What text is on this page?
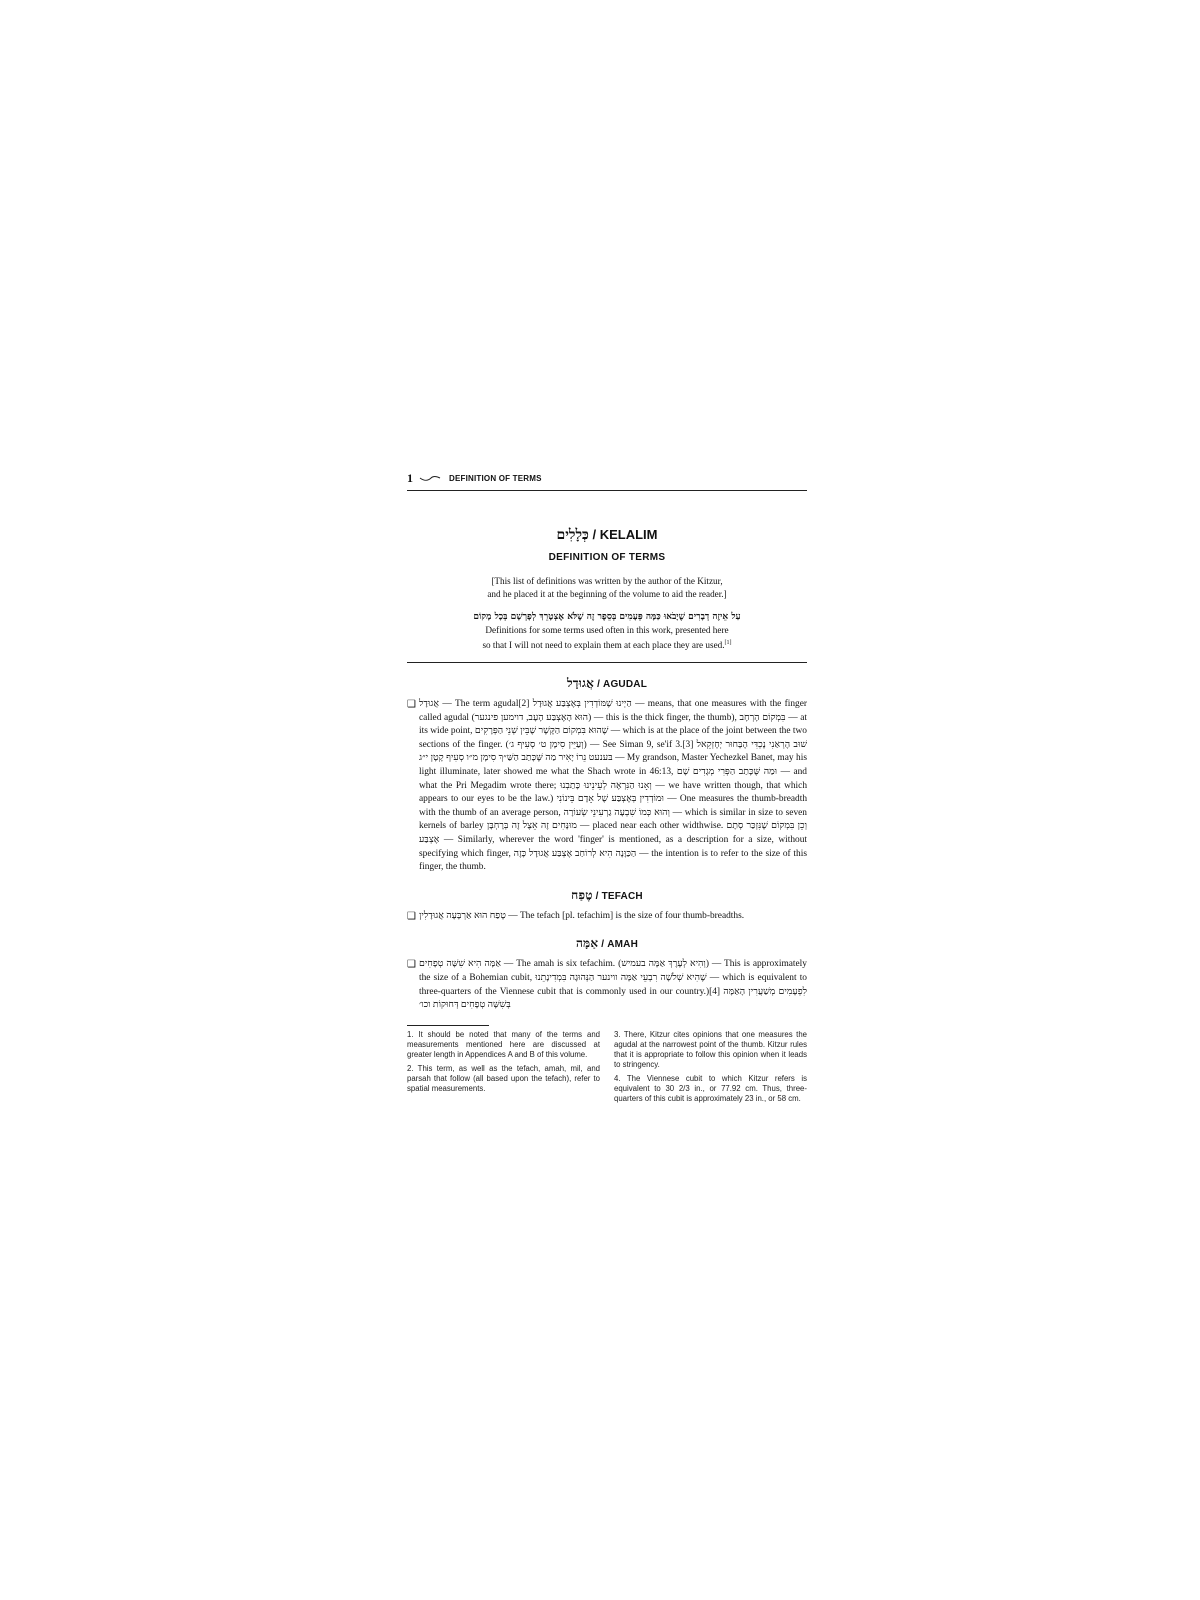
1	DEFINITION OF TERMS
כְּלָלִים / KELALIM
DEFINITION OF TERMS
[This list of definitions was written by the author of the Kitzur,
and he placed it at the beginning of the volume to aid the reader.]
עַל אֵיזֶה דְבָרִים שֶׁיָבֹאוּ כַּמָּה פְּעָמִים בְּסֵפֶר זֶה שֶׁלֹּא אֶצְטָרֵךְ לְפָרְשָׁם בְּכָל מָקוֹם
Definitions for some terms used often in this work, presented here
so that I will not need to explain them at each place they are used.[1]
אֲגוּדָל / AGUDAL
❑ אֲגוּדָל — The term agudal[2] הַיְינוּ שֶׁמּוֹדְדִין בְּאֶצְבַּע אֲגוּדָל — means, that one measures with the finger called agudal (הוּא הָאֶצְבַּע הָעָב, דוימען פינגער) — this is the thick finger, the thumb), בִּמְקוֹם הָרְחָב — at its wide point, שֶׁהוּא בִּמְקוֹם הַקֶּשֶׁר שֶׁבֵּין שְׁנֵי הַפְּרָקִים — which is at the place of the joint between the two sections of the finger. (וְעַיֵּין סִימָן ט׳ סְעִיף ג׳) — See Siman 9, se'if 3.[3] שׁוּב הֶרְאַנִי נֶכְדִּי הֶבָּחוּר יְחֶזְקֵאל בּענעט נֵרוֹ יָאִיר מַה שֶּׁכָּתַב הַשַּׁ״ךְ סִימָן מ״ו סְעִיף קָטָן י״ג — My grandson, Master Yechezkel Banet, may his light illuminate, later showed me what the Shach wrote in 46:13, וּמַה שֶּׁכָּתַב הַפְּרִי מְגָדִים שָׁם — and what the Pri Megadim wrote there; וְאָנוּ הַנִּרְאֶה לְעֵינֵינוּ כָּתַבְנוּ — we have written though, that which appears to our eyes to be the law.) וּמוֹדְדִין בְּאֶצְבַּע שֶׁל אָדָם בֵּינוֹנִי — One measures the thumb-breadth with the thumb of an average person, וְהוּא כְּמוֹ שִׁבְעָה גַרְעִינֵי שְׂעוֹרָה — which is similar in size to seven kernels of barley מוּנָּחִים זֶה אֵצֶל זֶה בְּרָחְבָּן — placed near each other widthwise. וְכֵן בִּמְקוֹם שֶׁנִּזְכַּר סְתָם אֶצְבַּע — Similarly, wherever the word 'finger' is mentioned, as a description for a size, without specifying which finger, הַכַּוָּנָה הִיא לְרוֹחַב אֶצְבַּע אֲגוּדָל כָּזֶה — the intention is to refer to the size of this finger, the thumb.
טֶפַח / TEFACH
❑ טֶפַח הוּא אַרְבָּעָה אֲגוּדָלִין — The tefach [pl. tefachim] is the size of four thumb-breadths.
אַמָּה / AMAH
❑ אַמָּה הִיא שִׁשָּׁה טְפָחִים — The amah is six tefachim. (וְהִיא לְעֶרֶךְ אַמָּה בעמיש) — This is approximately the size of a Bohemian cubit, שֶׁהִיא שְׁלֹשָׁה רִבְעֵי אַמָּה ווינער הַנְּהוּגָה בִּמְדִינָתֵנוּ — which is equivalent to three-quarters of the Viennese cubit that is commonly used in our country.)[4] לִפְעָמִים מְשַׁעֲרִין הָאַמָּה בְּשִׁשָּׁה טְפָחִים דְּחוּקוֹת וכו׳

1. It should be noted that many of the terms and measurements mentioned here are discussed at greater length in Appendices A and B of this volume.

2. This term, as well as the tefach, amah, mil, and parsah that follow (all based upon the tefach), refer to spatial measurements.

3. There, Kitzur cites opinions that one measures the agudal at the narrowest point of the thumb. Kitzur rules that it is appropriate to follow this opinion when it leads to stringency.

4. The Viennese cubit to which Kitzur refers is equivalent to 30 2/3 in., or 77.92 cm. Thus, three-quarters of this cubit is approximately 23 in., or 58 cm.
